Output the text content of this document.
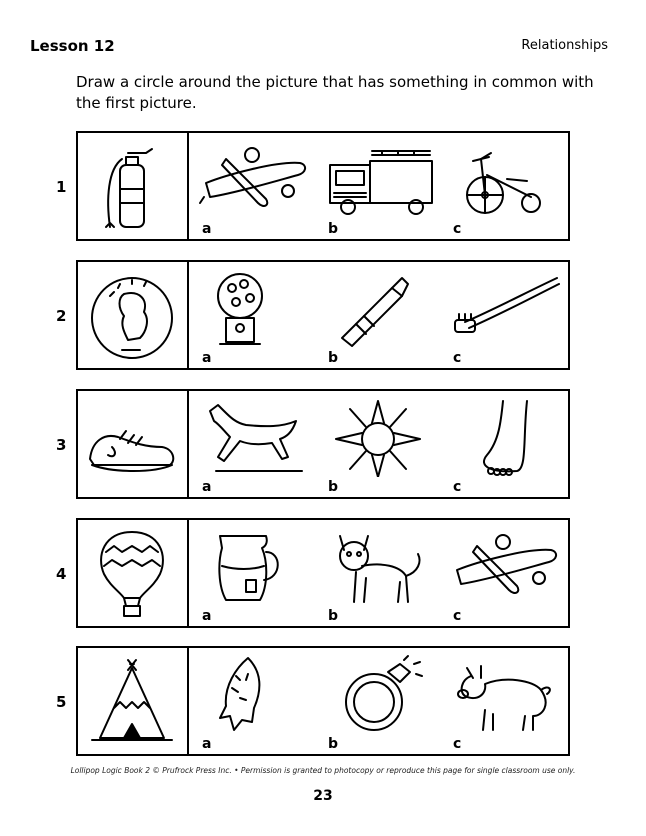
Lesson 12	Relationships
Draw a circle around the picture that has something in common with the first picture.
1
a	b	c
2
a	b	c
3
a	b	c
4
a	b	c
5
a	b	c
Lollipop Logic Book 2 © Prufrock Press Inc. • Permission is granted to photocopy or reproduce this page for single classroom use only.
23
